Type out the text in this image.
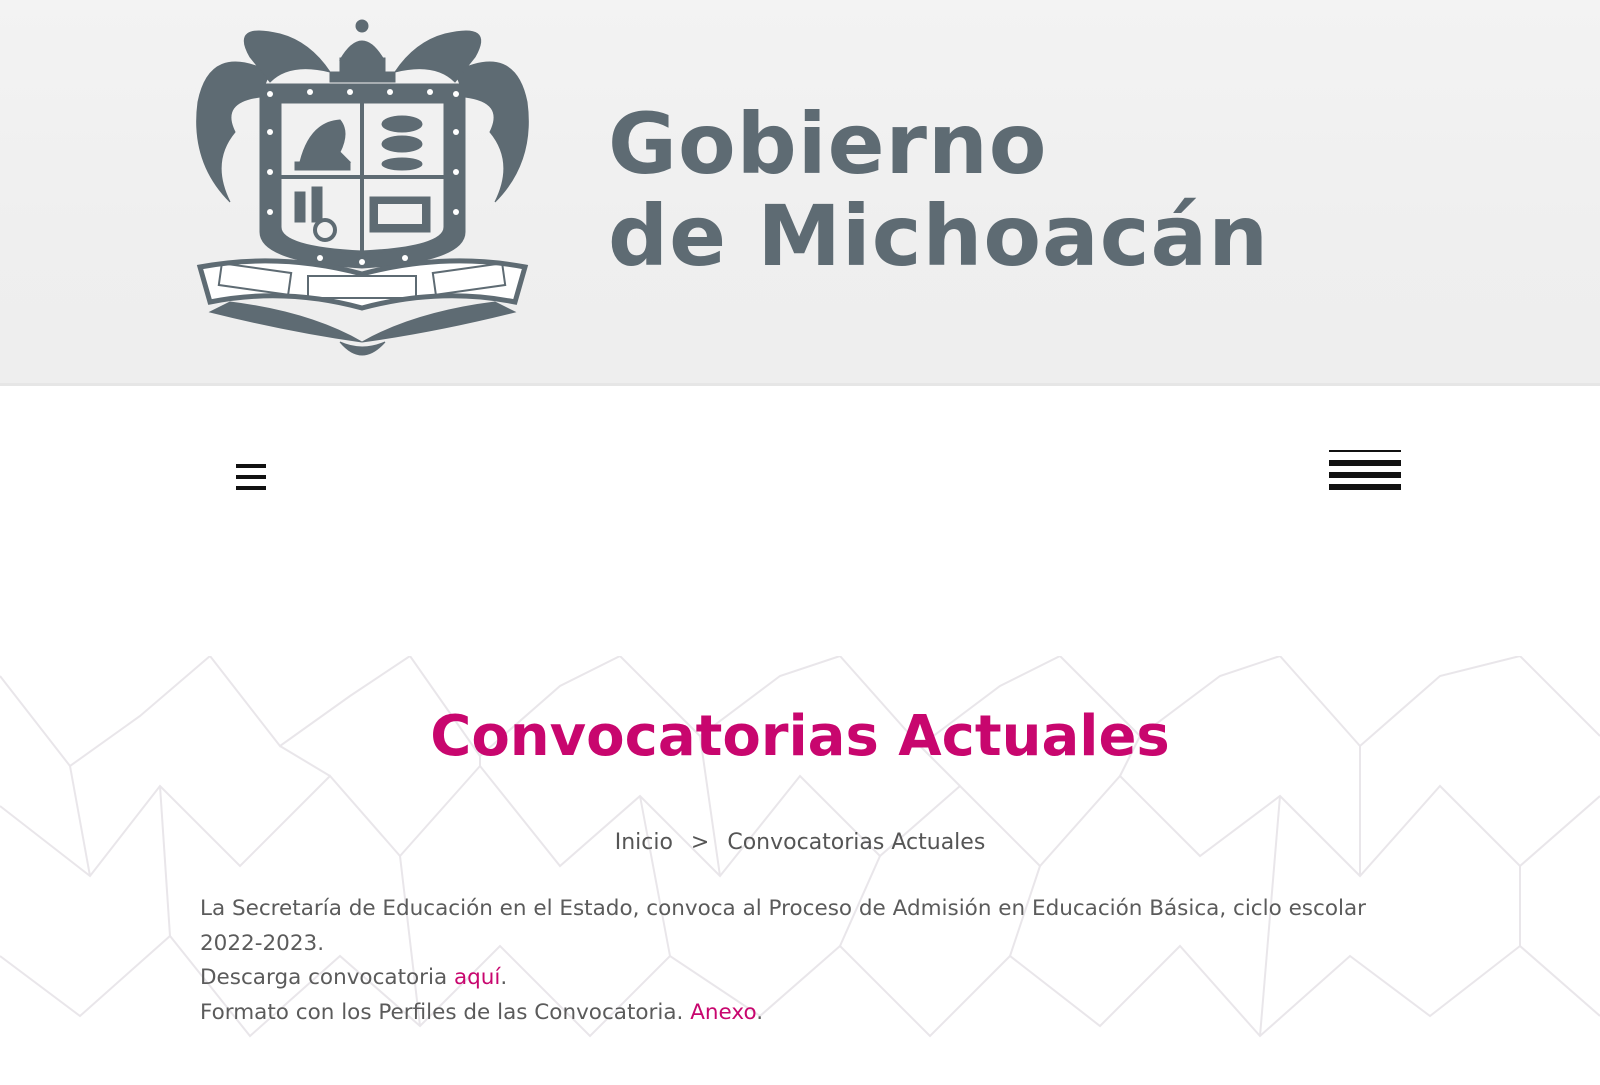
Gobierno
de Michoacán
Convocatorias Actuales
Inicio > Convocatorias Actuales

La Secretaría de Educación en el Estado, convoca al Proceso de Admisión en Educación Básica, ciclo escolar 2022-2023.

Descarga convocatoria aquí.

Formato con los Perfiles de las Convocatoria. Anexo.
